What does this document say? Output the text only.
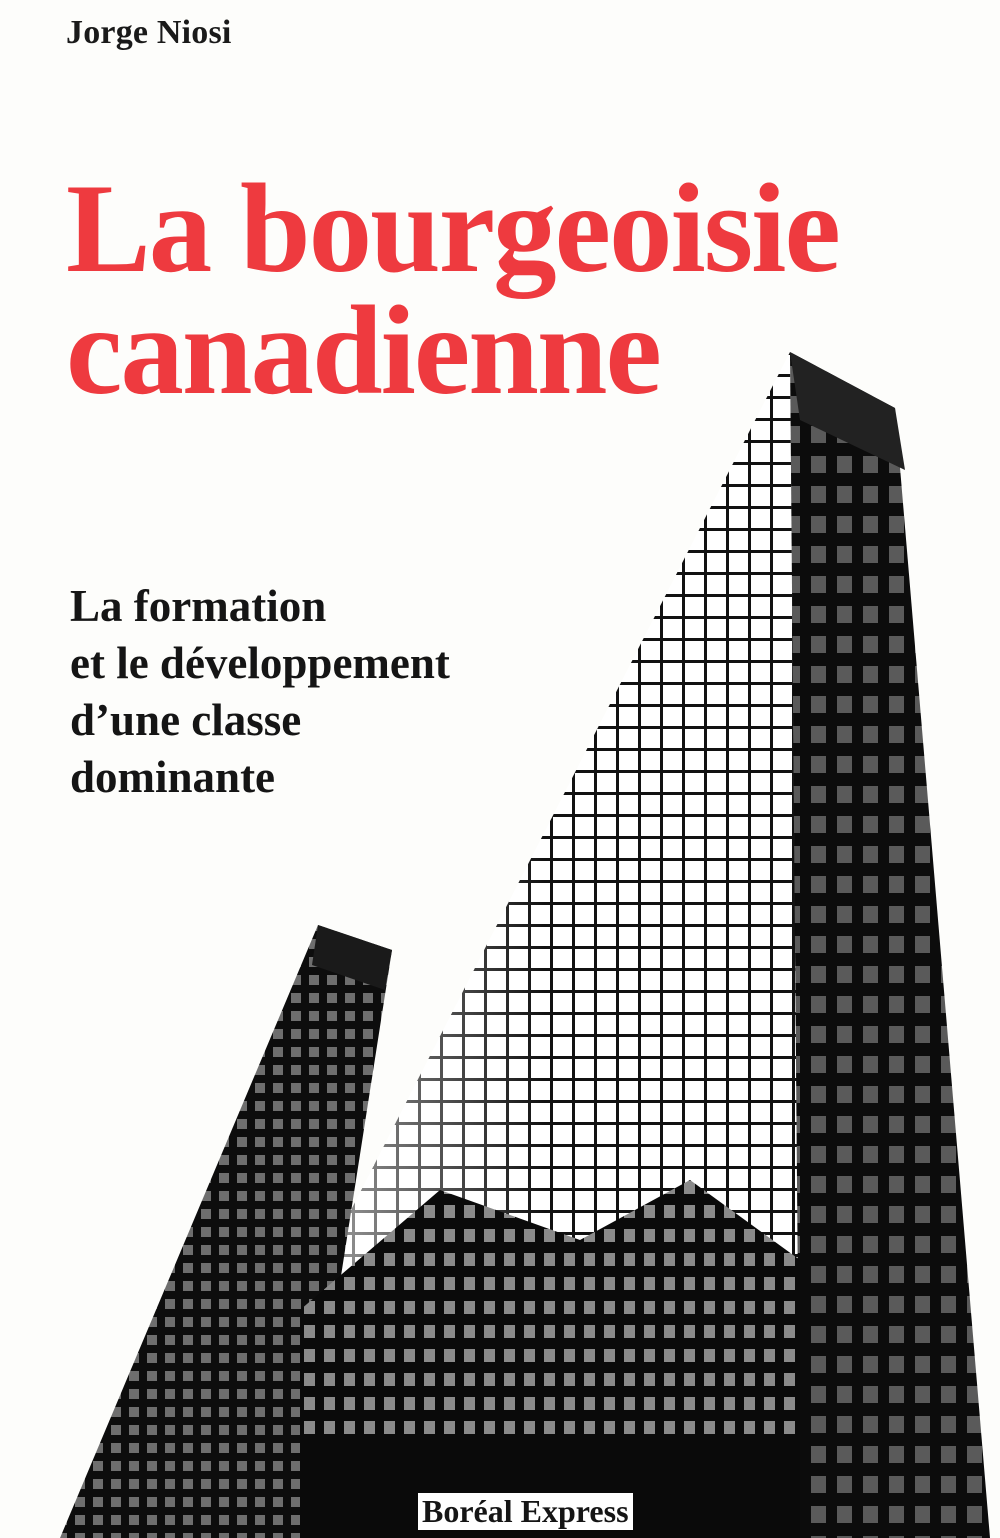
Jorge Niosi
La bourgeoisie
canadienne

La formation
et le développement
d’une classe
dominante

Boréal Express
